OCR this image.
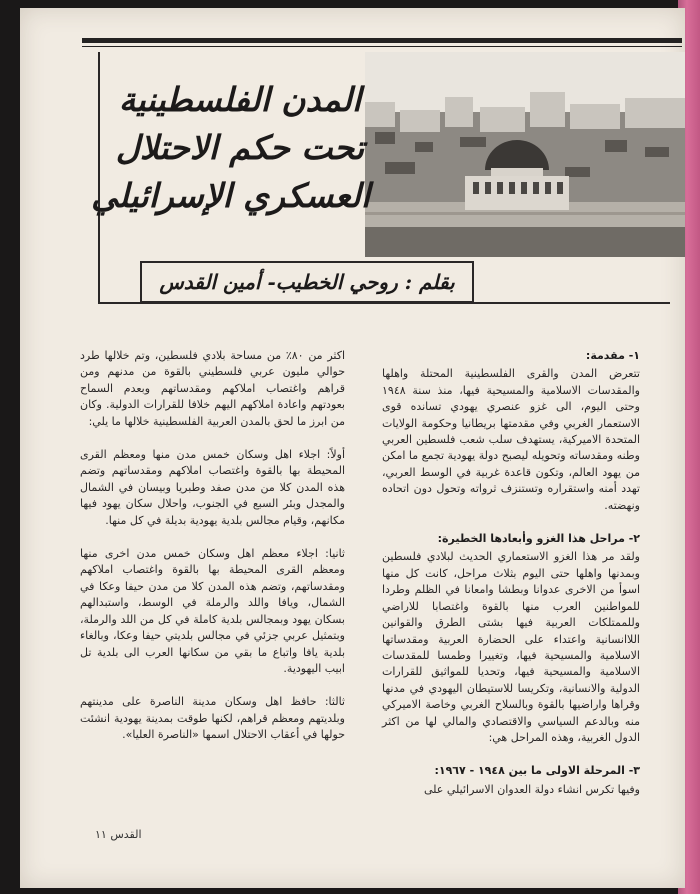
المدن الفلسطينية
تحت حكم الاحتلال
العسكري الإسرائيلي
بقلم : روحي الخطيب- أمين القدس

١- مقدمة:

تتعرض المدن والقرى الفلسطينية المحتلة واهلها والمقدسات الاسلامية والمسيحية فيها، منذ سنة ١٩٤٨ وحتى اليوم، الى غزو عنصري يهودي تسانده قوى الاستعمار الغربي وفي مقدمتها بريطانيا وحكومة الولايات المتحدة الاميركية، يستهدف سلب شعب فلسطين العربي وطنه ومقدساته وتحويله ليصبح دولة يهودية تجمع ما امكن من يهود العالم، وتكون قاعدة غربية في الوسط العربي، تهدد أمنه واستقراره وتستنزف ثرواته وتحول دون اتحاده ونهضته.

٢- مراحل هذا الغزو وأبعادها الخطيرة:

ولقد مر هذا الغزو الاستعماري الحديث لبلادي فلسطين وبمدنها واهلها حتى اليوم بثلاث مراحل، كانت كل منها اسوأ من الاخرى عدوانا وبطشا وامعانا في الظلم وطردا للمواطنين العرب منها بالقوة واغتصابا للاراضي وللممتلكات العربية فيها بشتى الطرق والقوانين اللاانسانية واعتداء على الحضارة العربية ومقدساتها الاسلامية والمسيحية فيها، وتغييرا وطمسا للمقدسات الاسلامية والمسيحية فيها، وتحديا للمواثيق للقرارات الدولية والانسانية، وتكريسا للاستيطان اليهودي في مدنها وقراها واراضيها بالقوة وبالسلاح الغربي وخاصة الاميركي منه وبالدعم السياسي والاقتصادي والمالي لها من اكثر الدول الغربية، وهذه المراحل هي:

٣- المرحلة الاولى ما بين ١٩٤٨ - ١٩٦٧:

وفيها تكرس انشاء دولة العدوان الاسرائيلي على

اكثر من ٨٠٪ من مساحة بلادي فلسطين، وتم خلالها طرد حوالي مليون عربي فلسطيني بالقوة من مدنهم ومن قراهم واغتصاب املاكهم ومقدساتهم وبعدم السماح بعودتهم واعادة املاكهم اليهم خلافا للقرارات الدولية. وكان من ابرز ما لحق بالمدن العربية الفلسطينية خلالها ما يلي:

أولاً: اجلاء اهل وسكان خمس مدن منها ومعظم القرى المحيطة بها بالقوة واغتصاب املاكهم ومقدساتهم وتضم هذه المدن كلا من مدن صفد وطبريا وبيسان في الشمال والمجدل وبئر السبع في الجنوب، واحلال سكان يهود فيها مكانهم، وقيام مجالس بلدية يهودية بديلة في كل منها.

ثانيا: اجلاء معظم اهل وسكان خمس مدن اخرى منها ومعظم القرى المحيطة بها بالقوة واغتصاب املاكهم ومقدساتهم، وتضم هذه المدن كلا من مدن حيفا وعكا في الشمال، ويافا واللد والرملة في الوسط، واستبدالهم بسكان يهود وبمجالس بلدية كاملة في كل من اللد والرملة، وبتمثيل عربي جزئي في مجالس بلديتي حيفا وعكا، وبالغاء بلدية يافا واتباع ما بقي من سكانها العرب الى بلدية تل ابيب اليهودية.

ثالثا: حافظ اهل وسكان مدينة الناصرة على مدينتهم وبلديتهم ومعظم قراهم، لكنها طوقت بمدينة يهودية انشئت حولها في أعقاب الاحتلال اسمها «الناصرة العليا».

القدس ١١
